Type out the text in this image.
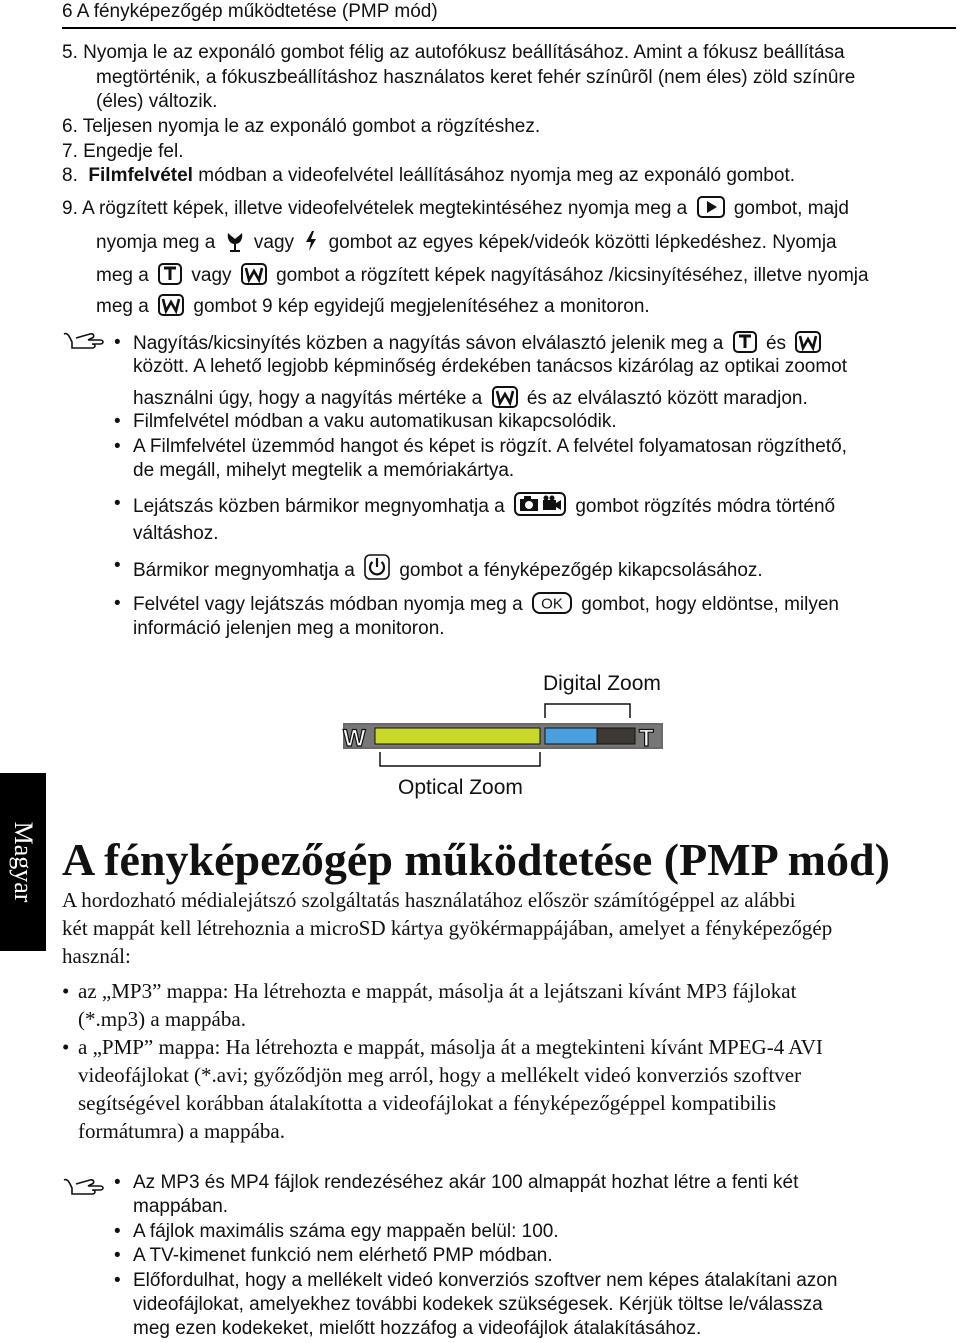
6 A fényképezőgép működtetése (PMP mód)
5. Nyomja le az exponáló gombot félig az autofókusz beállításához. Amint a fókusz beállítása
megtörténik, a fókuszbeállításhoz használatos keret fehér színûrõl (nem éles) zöld színûre
(éles) változik.
6. Teljesen nyomja le az exponáló gombot a rögzítéshez.
7. Engedje fel.
8. Filmfelvétel módban a videofelvétel leállításához nyomja meg az exponáló gombot.
9. A rögzített képek, illetve videofelvételek megtekintéséhez nyomja meg a gombot, majd
nyomja meg a vagy gombot az egyes képek/videók közötti lépkedéshez. Nyomja
meg a vagy gombot a rögzített képek nagyításához /kicsinyítéséhez, illetve nyomja
meg a gombot 9 kép egyidejű megjelenítéséhez a monitoron.
• Nagyítás/kicsinyítés közben a nagyítás sávon elválasztó jelenik meg a és
között. A lehető legjobb képminőség érdekében tanácsos kizárólag az optikai zoomot
használni úgy, hogy a nagyítás mértéke a és az elválasztó között maradjon.
• Filmfelvétel módban a vaku automatikusan kikapcsolódik.
• A Filmfelvétel üzemmód hangot és képet is rögzít. A felvétel folyamatosan rögzíthető,
de megáll, mihelyt megtelik a memóriakártya.
• Lejátszás közben bármikor megnyomhatja a	gombot rögzítés módra történő
váltáshoz.
• Bármikor megnyomhatja a gombot a fényképezőgép kikapcsolásához.
• Felvétel vagy lejátszás módban nyomja meg a OK gombot, hogy eldöntse, milyen
információ jelenjen meg a monitoron.
Digital Zoom
W	T
Optical Zoom
Magyar A fényképezőgép működtetése (PMP mód)
A hordozható médialejátszó szolgáltatás használatához először számítógéppel az alábbi
két mappát kell létrehoznia a microSD kártya gyökérmappájában, amelyet a fényképezőgép
használ:
• az „MP3” mappa: Ha létrehozta e mappát, másolja át a lejátszani kívánt MP3 fájlokat
(*.mp3) a mappába.
• a „PMP” mappa: Ha létrehozta e mappát, másolja át a megtekinteni kívánt MPEG-4 AVI
videofájlokat (*.avi; győződjön meg arról, hogy a mellékelt videó konverziós szoftver
segítségével korábban átalakította a videofájlokat a fényképezőgéppel kompatibilis
formátumra) a mappába.
• Az MP3 és MP4 fájlok rendezéséhez akár 100 almappát hozhat létre a fenti két
mappában.
• A fájlok maximális száma egy mappaěn belül: 100.
• A TV-kimenet funkció nem elérhető PMP módban.
• Előfordulhat, hogy a mellékelt videó konverziós szoftver nem képes átalakítani azon
videofájlokat, amelyekhez további kodekek szükségesek. Kérjük töltse le/válassza
meg ezen kodekeket, mielőtt hozzáfog a videofájlok átalakításához.
